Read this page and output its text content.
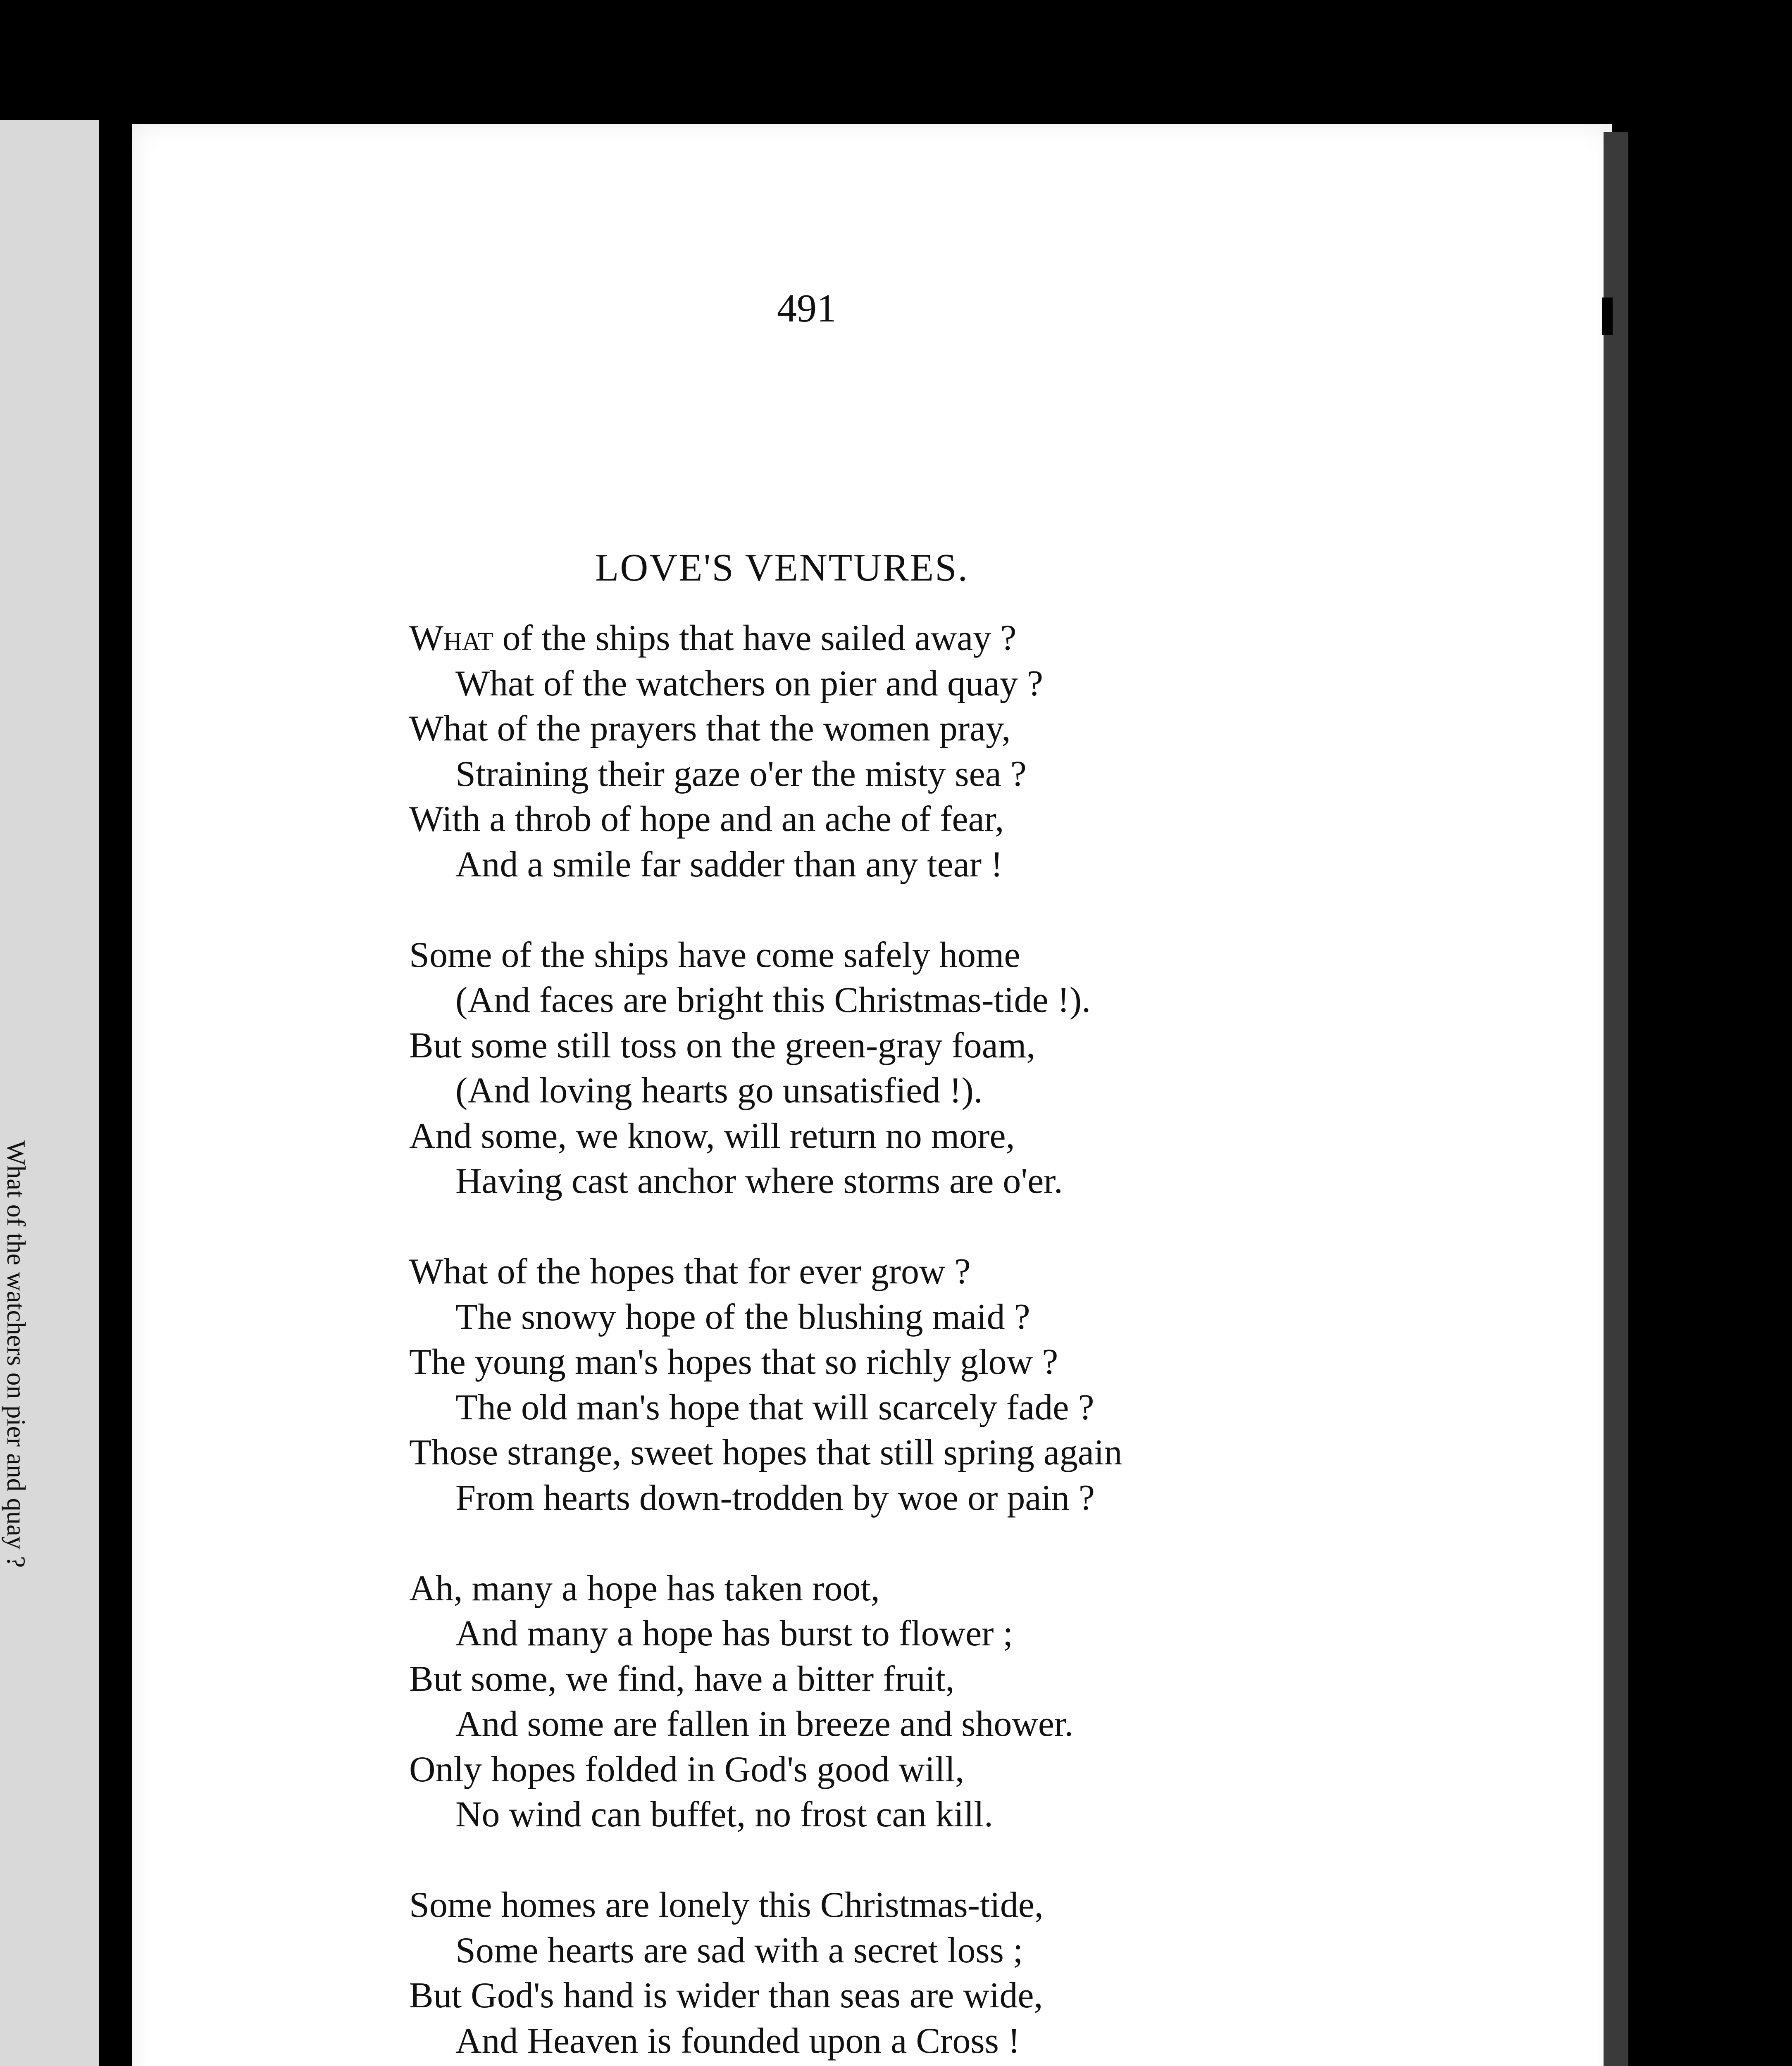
What of the watchers on pier and quay ?
491
LOVE'S VENTURES.
What of the ships that have sailed away ?
What of the watchers on pier and quay ?
What of the prayers that the women pray,
Straining their gaze o'er the misty sea ?
With a throb of hope and an ache of fear,
And a smile far sadder than any tear !
Some of the ships have come safely home
(And faces are bright this Christmas-tide !).
But some still toss on the green-gray foam,
(And loving hearts go unsatisfied !).
And some, we know, will return no more,
Having cast anchor where storms are o'er.
What of the hopes that for ever grow ?
The snowy hope of the blushing maid ?
The young man's hopes that so richly glow ?
The old man's hope that will scarcely fade ?
Those strange, sweet hopes that still spring again
From hearts down-trodden by woe or pain ?
Ah, many a hope has taken root,
And many a hope has burst to flower ;
But some, we find, have a bitter fruit,
And some are fallen in breeze and shower.
Only hopes folded in God's good will,
No wind can buffet, no frost can kill.
Some homes are lonely this Christmas-tide,
Some hearts are sad with a secret loss ;
But God's hand is wider than seas are wide,
And Heaven is founded upon a Cross !
